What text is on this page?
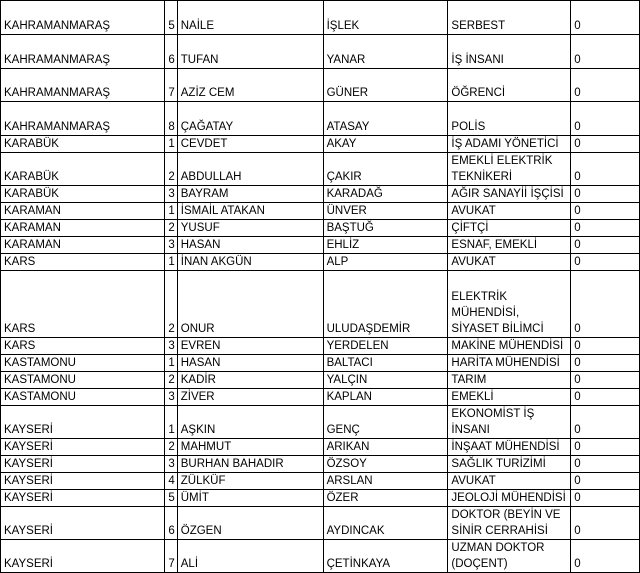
KAHRAMANMARAŞ	5	NAİLE	İŞLEK	SERBEST	0
KAHRAMANMARAŞ	6	TUFAN	YANAR	İŞ İNSANI	0
KAHRAMANMARAŞ	7	AZİZ CEM	GÜNER	ÖĞRENCİ	0
KAHRAMANMARAŞ	8	ÇAĞATAY	ATASAY	POLİS	0
KARABÜK	1	CEVDET	AKAY	İŞ ADAMI YÖNETİCİ	0
KARABÜK	2	ABDULLAH	ÇAKIR	EMEKLİ ELEKTRİK
TEKNİKERİ	0
KARABÜK	3	BAYRAM	KARADAĞ	AĞIR SANAYİİ İŞÇİSİ	0
KARAMAN	1	İSMAİL ATAKAN	ÜNVER	AVUKAT	0
KARAMAN	2	YUSUF	BAŞTUĞ	ÇİFTÇİ	0
KARAMAN	3	HASAN	EHLİZ	ESNAF, EMEKLİ	0
KARS	1	İNAN AKGÜN	ALP	AVUKAT	0
KARS	2	ONUR	ULUDAŞDEMİR	ELEKTRİK MÜHENDİSİ,
SİYASET BİLİMCİ	0
KARS	3	EVREN	YERDELEN	MAKİNE MÜHENDİSİ	0
KASTAMONU	1	HASAN	BALTACI	HARİTA MÜHENDİSİ	0
KASTAMONU	2	KADİR	YALÇIN	TARIM	0
KASTAMONU	3	ZİVER	KAPLAN	EMEKLİ	0
KAYSERİ	1	AŞKIN	GENÇ	EKONOMİST İŞ
İNSANI	0
KAYSERİ	2	MAHMUT	ARIKAN	İNŞAAT MÜHENDİSİ	0
KAYSERİ	3	BURHAN BAHADIR	ÖZSOY	SAĞLIK TURİZİMİ	0
KAYSERİ	4	ZÜLKÜF	ARSLAN	AVUKAT	0
KAYSERİ	5	ÜMİT	ÖZER	JEOLOJİ MÜHENDİSİ	0
KAYSERİ	6	ÖZGEN	AYDINCAK	DOKTOR (BEYİN VE
SİNİR CERRAHİSİ	0
KAYSERİ	7	ALİ	ÇETİNKAYA	UZMAN DOKTOR
(DOÇENT)	0
